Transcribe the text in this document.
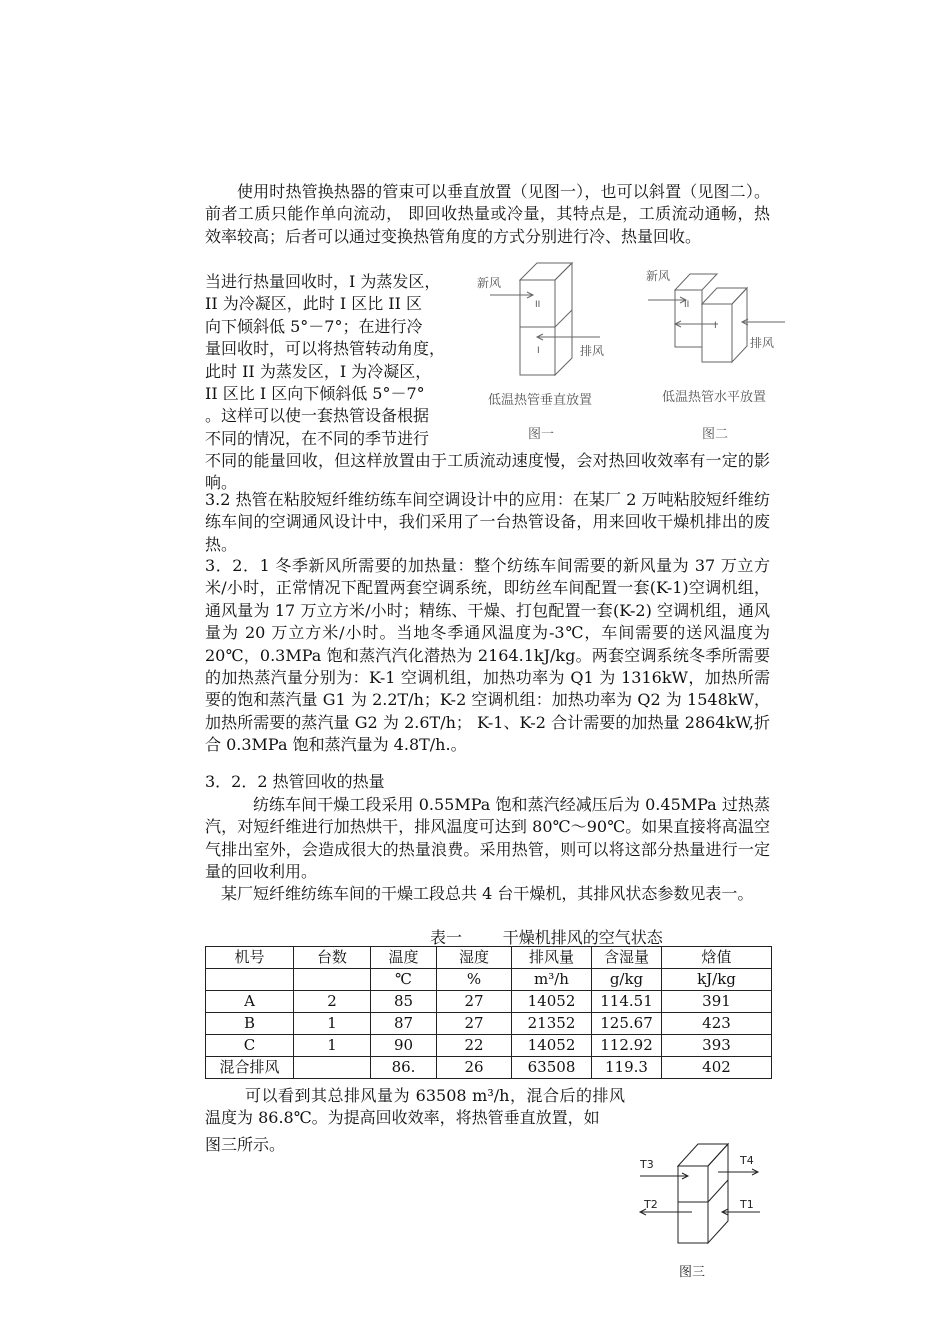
使用时热管换热器的管束可以垂直放置（见图一），也可以斜置（见图二）。前者工质只能作单向流动， 即回收热量或冷量，其特点是，工质流动通畅，热效率较高；后者可以通过变换热管角度的方式分别进行冷、热量回收。

当进行热量回收时，I 为蒸发区，
II 为冷凝区，此时 I 区比 II 区
向下倾斜低 5°－7°；在进行冷
量回收时，可以将热管转动角度，
此时 II 为蒸发区，I 为冷凝区，
II 区比 I 区向下倾斜低 5°－7°
。这样可以使一套热管设备根据
不同的情况，在不同的季节进行

不同的能量回收，但这样放置由于工质流动速度慢，会对热回收效率有一定的影响。

新风
排风
II
I
低温热管垂直放置
图一
新风
排风
II
I
低温热管水平放置
图二

3.2 热管在粘胶短纤维纺练车间空调设计中的应用：在某厂 2 万吨粘胶短纤维纺练车间的空调通风设计中，我们采用了一台热管设备，用来回收干燥机排出的废热。

3．2．1 冬季新风所需要的加热量：整个纺练车间需要的新风量为 37 万立方米/小时，正常情况下配置两套空调系统，即纺丝车间配置一套(K-1)空调机组，通风量为 17 万立方米/小时；精练、干燥、打包配置一套(K-2) 空调机组，通风量为 20 万立方米/小时。当地冬季通风温度为-3℃，车间需要的送风温度为 20℃，0.3MPa 饱和蒸汽汽化潜热为 2164.1kJ/kg。两套空调系统冬季所需要的加热蒸汽量分别为：K-1 空调机组，加热功率为 Q1 为 1316kW，加热所需要的饱和蒸汽量 G1 为 2.2T/h；K-2 空调机组：加热功率为 Q2 为 1548kW，加热所需要的蒸汽量 G2 为 2.6T/h； K-1、K-2 合计需要的加热量 2864kW,折合 0.3MPa 饱和蒸汽量为 4.8T/h.。

3．2．2 热管回收的热量

纺练车间干燥工段采用 0.55MPa 饱和蒸汽经减压后为 0.45MPa 过热蒸汽，对短纤维进行加热烘干，排风温度可达到 80℃～90℃。如果直接将高温空气排出室外，会造成很大的热量浪费。采用热管，则可以将这部分热量进行一定量的回收利用。

某厂短纤维纺练车间的干燥工段总共 4 台干燥机，其排风状态参数见表一。

表一        干燥机排风的空气状态
机号	台数	温度	湿度	排风量	含湿量	焓值
		℃	%	m³/h	g/kg	kJ/kg
A	2	85	27	14052	114.51	391
B	1	87	27	21352	125.67	423
C	1	90	22	14052	112.92	393
混合排风		86.	26	63508	119.3	402

可以看到其总排风量为 63508 m³/h，混合后的排风温度为 86.8℃。为提高回收效率，将热管垂直放置，如

图三所示。
T3	T4
T2	T1
图三
